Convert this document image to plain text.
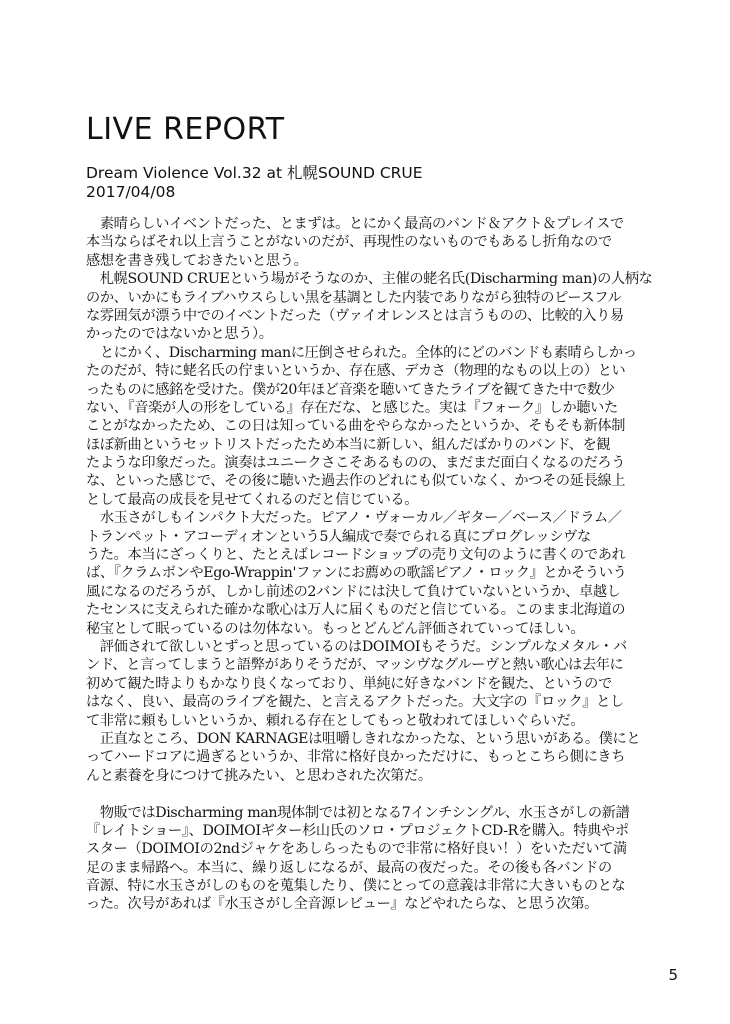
LIVE REPORT
Dream Violence Vol.32 at 札幌SOUND CRUE
2017/04/08
　素晴らしいイベントだった、とまずは。とにかく最高のバンド＆アクト＆プレイスで
本当ならばそれ以上言うことがないのだが、再現性のないものでもあるし折角なので
感想を書き残しておきたいと思う。
　札幌SOUND CRUEという場がそうなのか、主催の蛯名氏(Discharming man)の人柄な
のか、いかにもライブハウスらしい黒を基調とした内装でありながら独特のピースフル
な雰囲気が漂う中でのイベントだった（ヴァイオレンスとは言うものの、比較的入り易
かったのではないかと思う）。
　とにかく、Discharming manに圧倒させられた。全体的にどのバンドも素晴らしかっ
たのだが、特に蛯名氏の佇まいというか、存在感、デカさ（物理的なもの以上の）とい
ったものに感銘を受けた。僕が20年ほど音楽を聴いてきたライブを観てきた中で数少
ない、『音楽が人の形をしている』存在だな、と感じた。実は『フォーク』しか聴いた
ことがなかったため、この日は知っている曲をやらなかったというか、そもそも新体制
ほぼ新曲というセットリストだったため本当に新しい、組んだばかりのバンド、を観
たような印象だった。演奏はユニークさこそあるものの、まだまだ面白くなるのだろう
な、といった感じで、その後に聴いた過去作のどれにも似ていなく、かつその延長線上
として最高の成長を見せてくれるのだと信じている。
　水玉さがしもインパクト大だった。ピアノ・ヴォーカル／ギター／ベース／ドラム／
トランペット・アコーディオンという5人編成で奏でられる真にプログレッシヴな
うた。本当にざっくりと、たとえばレコードショップの売り文句のように書くのであれ
ば、『クラムボンやEgo-Wrappin'ファンにお薦めの歌謡ピアノ・ロック』とかそういう
風になるのだろうが、しかし前述の2バンドには決して負けていないというか、卓越し
たセンスに支えられた確かな歌心は万人に届くものだと信じている。このまま北海道の
秘宝として眠っているのは勿体ない。もっとどんどん評価されていってほしい。
　評価されて欲しいとずっと思っているのはDOIMOIもそうだ。シンプルなメタル・バ
ンド、と言ってしまうと語弊がありそうだが、マッシヴなグルーヴと熱い歌心は去年に
初めて観た時よりもかなり良くなっており、単純に好きなバンドを観た、というので
はなく、良い、最高のライブを観た、と言えるアクトだった。大文字の『ロック』とし
て非常に頼もしいというか、頼れる存在としてもっと敬われてほしいぐらいだ。
　正直なところ、DON KARNAGEは咀嚼しきれなかったな、という思いがある。僕にと
ってハードコアに過ぎるというか、非常に格好良かっただけに、もっとこちら側にきち
んと素養を身につけて挑みたい、と思わされた次第だ。
　物販ではDischarming man現体制では初となる7インチシングル、水玉さがしの新譜
『レイトショー』、DOIMOIギター杉山氏のソロ・プロジェクトCD-Rを購入。特典やポ
スター（DOIMOIの2ndジャケをあしらったもので非常に格好良い！）をいただいて満
足のまま帰路へ。本当に、繰り返しになるが、最高の夜だった。その後も各バンドの
音源、特に水玉さがしのものを蒐集したり、僕にとっての意義は非常に大きいものとな
った。次号があれば『水玉さがし全音源レビュー』などやれたらな、と思う次第。
5
